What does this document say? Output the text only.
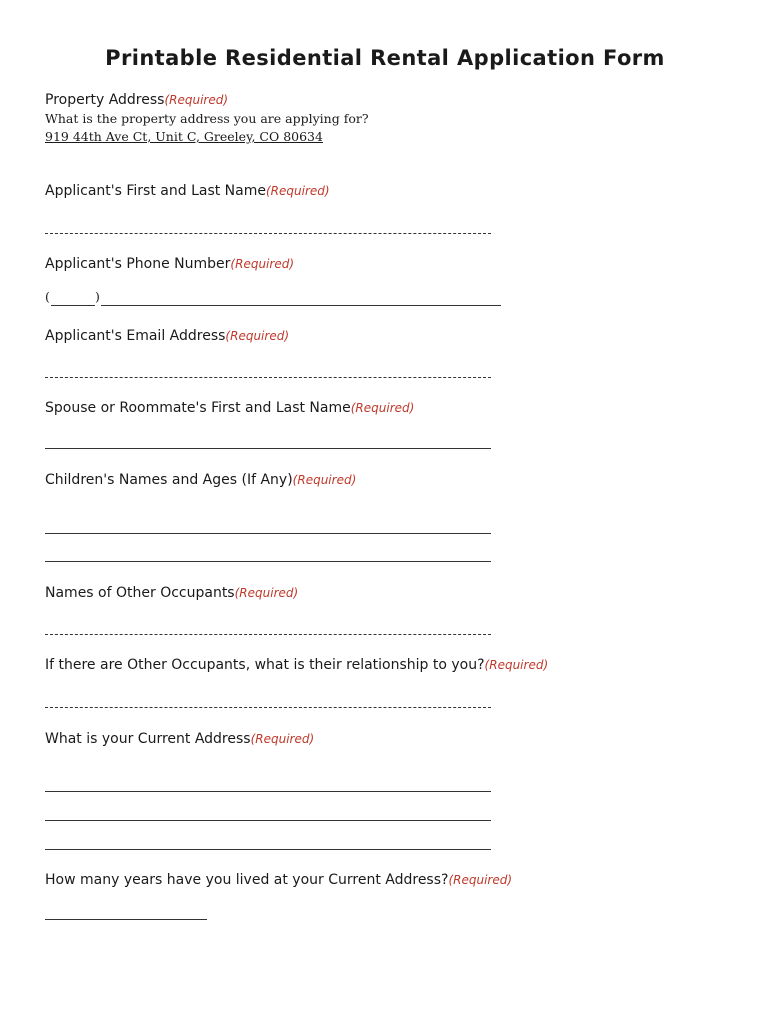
Printable Residential Rental Application Form
Property Address(Required)
What is the property address you are applying for?
919 44th Ave Ct, Unit C, Greeley, CO 80634
Applicant's First and Last Name(Required)
Applicant's Phone Number(Required)
(	)
Applicant's Email Address(Required)
Spouse or Roommate's First and Last Name(Required)
Children's Names and Ages (If Any)(Required)
Names of Other Occupants(Required)
If there are Other Occupants, what is their relationship to you?(Required)
What is your Current Address(Required)
How many years have you lived at your Current Address?(Required)
